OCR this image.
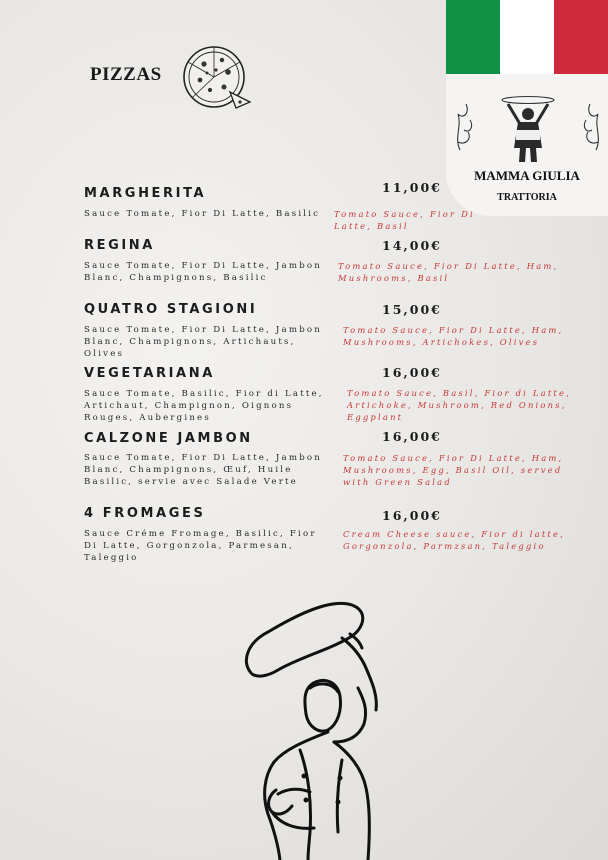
PIZZAS
MAMMA GIULIA
TRATTORIA
MARGHERITA
Sauce Tomate, Fior Di Latte, Basilic
11,00€
Tomato Sauce, Fior Di Latte, Basil
REGINA
Sauce Tomate, Fior Di Latte, Jambon Blanc, Champignons, Basilic
14,00€
Tomato Sauce, Fior Di Latte, Ham, Mushrooms, Basil
QUATRO STAGIONI
Sauce Tomate, Fior Di Latte, Jambon Blanc, Champignons, Artichauts, Olives
15,00€
Tomato Sauce, Fior Di Latte, Ham, Mushrooms, Artichokes, Olives
VEGETARIANA
Sauce Tomate, Basilic, Fior di Latte, Artichaut, Champignon, Oignons Rouges, Aubergines
16,00€
Tomato Sauce, Basil, Fior di Latte, Artichoke, Mushroom, Red Onions, Eggplant
CALZONE JAMBON
Sauce Tomate, Fior Di Latte, Jambon Blanc, Champignons, Œuf, Huile Basilic, servie avec Salade Verte
16,00€
Tomato Sauce, Fior Di Latte, Ham, Mushrooms, Egg, Basil Oil, served with Green Salad
4 FROMAGES
Sauce Créme Fromage, Basilic, Fior Di Latte, Gorgonzola, Parmesan, Taleggio
16,00€
Cream Cheese sauce, Fior di latte, Gorgonzola, Parmzsan, Taleggio
